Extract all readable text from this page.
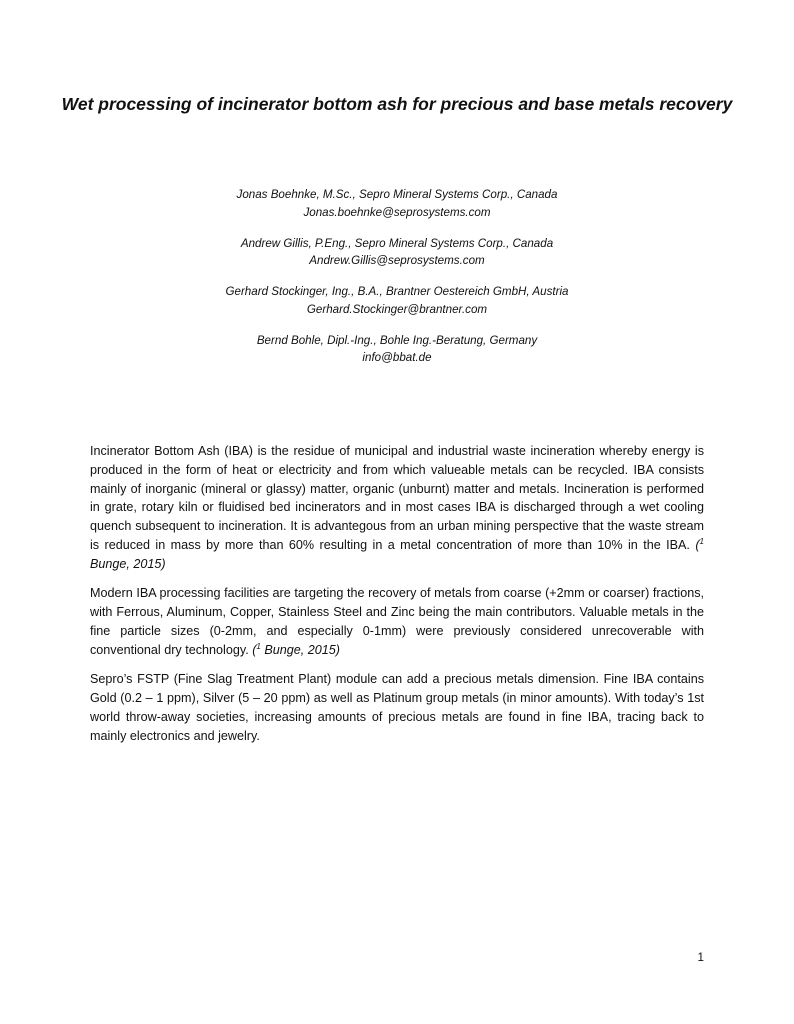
Wet processing of incinerator bottom ash for precious and base metals recovery
Jonas Boehnke, M.Sc., Sepro Mineral Systems Corp., Canada
Jonas.boehnke@seprosystems.com
Andrew Gillis, P.Eng., Sepro Mineral Systems Corp., Canada
Andrew.Gillis@seprosystems.com
Gerhard Stockinger, Ing., B.A., Brantner Oestereich GmbH, Austria
Gerhard.Stockinger@brantner.com
Bernd Bohle, Dipl.-Ing., Bohle Ing.-Beratung, Germany
info@bbat.de

Incinerator Bottom Ash (IBA) is the residue of municipal and industrial waste incineration whereby energy is produced in the form of heat or electricity and from which valueable metals can be recycled. IBA consists mainly of inorganic (mineral or glassy) matter, organic (unburnt) matter and metals. Incineration is performed in grate, rotary kiln or fluidised bed incinerators and in most cases IBA is discharged through a wet cooling quench subsequent to incineration. It is advantegous from an urban mining perspective that the waste stream is reduced in mass by more than 60% resulting in a metal concentration of more than 10% in the IBA. ($^1$ Bunge, 2015)

Modern IBA processing facilities are targeting the recovery of metals from coarse (+2mm or coarser) fractions, with Ferrous, Aluminum, Copper, Stainless Steel and Zinc being the main contributors. Valuable metals in the fine particle sizes (0-2mm, and especially 0-1mm) were previously considered unrecoverable with conventional dry technology. ($^1$ Bunge, 2015)

Sepro’s FSTP (Fine Slag Treatment Plant) module can add a precious metals dimension. Fine IBA contains Gold (0.2 – 1 ppm), Silver (5 – 20 ppm) as well as Platinum group metals (in minor amounts). With today’s 1st world throw-away societies, increasing amounts of precious metals are found in fine IBA, tracing back to mainly electronics and jewelry.

1
